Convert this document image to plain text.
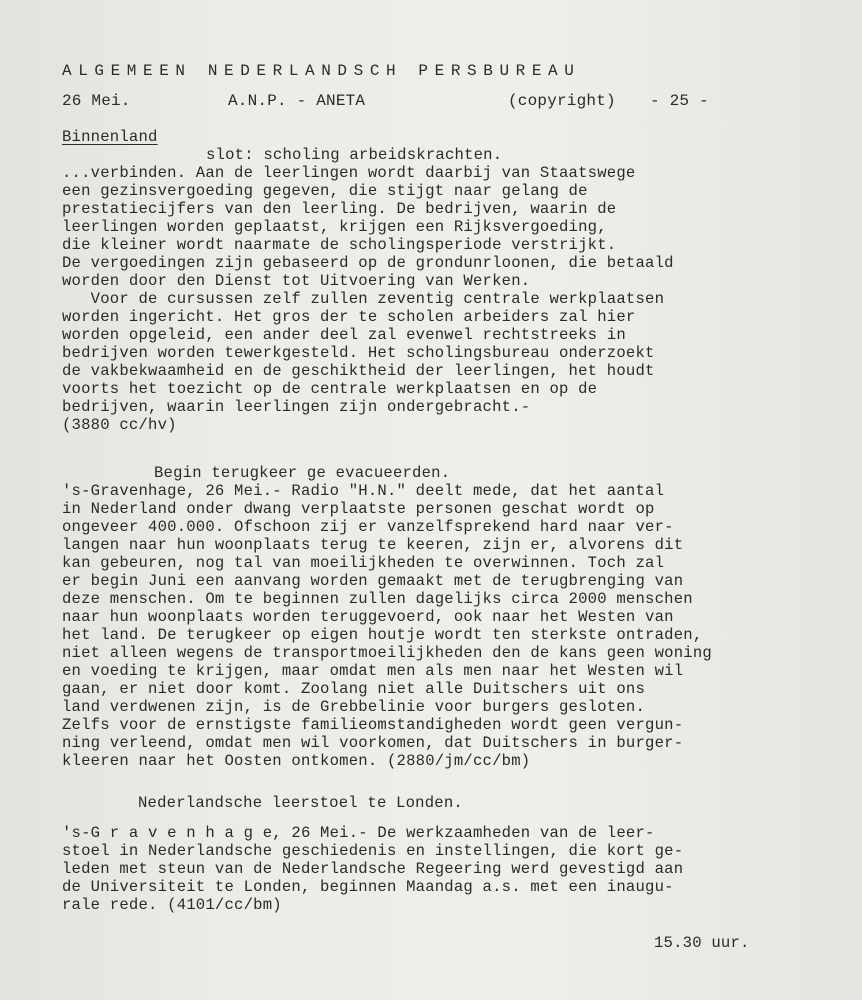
ALGEMEEN NEDERLANDSCH PERSBUREAU
26 Mei.	A.N.P. - ANETA	(copyright) - 25 -
Binnenland
slot: scholing arbeidskrachten.
...verbinden. Aan de leerlingen wordt daarbij van Staatswege
een gezinsvergoeding gegeven, die stijgt naar gelang de
prestatiecijfers van den leerling. De bedrijven, waarin de
leerlingen worden geplaatst, krijgen een Rijksvergoeding,
die kleiner wordt naarmate de scholingsperiode verstrijkt.
De vergoedingen zijn gebaseerd op de grondunrloonen, die betaald
worden door den Dienst tot Uitvoering van Werken.
Voor de cursussen zelf zullen zeventig centrale werkplaatsen
worden ingericht. Het gros der te scholen arbeiders zal hier
worden opgeleid, een ander deel zal evenwel rechtstreeks in
bedrijven worden tewerkgesteld. Het scholingsbureau onderzoekt
de vakbekwaamheid en de geschiktheid der leerlingen, het houdt
voorts het toezicht op de centrale werkplaatsen en op de
bedrijven, waarin leerlingen zijn ondergebracht.-
(3880 cc/hv)
Begin terugkeer ge evacueerden.
's-Gravenhage, 26 Mei.- Radio "H.N." deelt mede, dat het aantal
in Nederland onder dwang verplaatste personen geschat wordt op
ongeveer 400.000. Ofschoon zij er vanzelfsprekend hard naar ver-
langen naar hun woonplaats terug te keeren, zijn er, alvorens dit
kan gebeuren, nog tal van moeilijkheden te overwinnen. Toch zal
er begin Juni een aanvang worden gemaakt met de terugbrenging van
deze menschen. Om te beginnen zullen dagelijks circa 2000 menschen
naar hun woonplaats worden teruggevoerd, ook naar het Westen van
het land. De terugkeer op eigen houtje wordt ten sterkste ontraden,
niet alleen wegens de transportmoeilijkheden den de kans geen woning
en voeding te krijgen, maar omdat men als men naar het Westen wil
gaan, er niet door komt. Zoolang niet alle Duitschers uit ons
land verdwenen zijn, is de Grebbelinie voor burgers gesloten.
Zelfs voor de ernstigste familieomstandigheden wordt geen vergun-
ning verleend, omdat men wil voorkomen, dat Duitschers in burger-
kleeren naar het Oosten ontkomen. (2880/jm/cc/bm)
Nederlandsche leerstoel te Londen.
's-G r a v e n h a g e, 26 Mei.- De werkzaamheden van de leer-
stoel in Nederlandsche geschiedenis en instellingen, die kort ge-
leden met steun van de Nederlandsche Regeering werd gevestigd aan
de Universiteit te Londen, beginnen Maandag a.s. met een inaugu-
rale rede. (4101/cc/bm)
15.30 uur.
